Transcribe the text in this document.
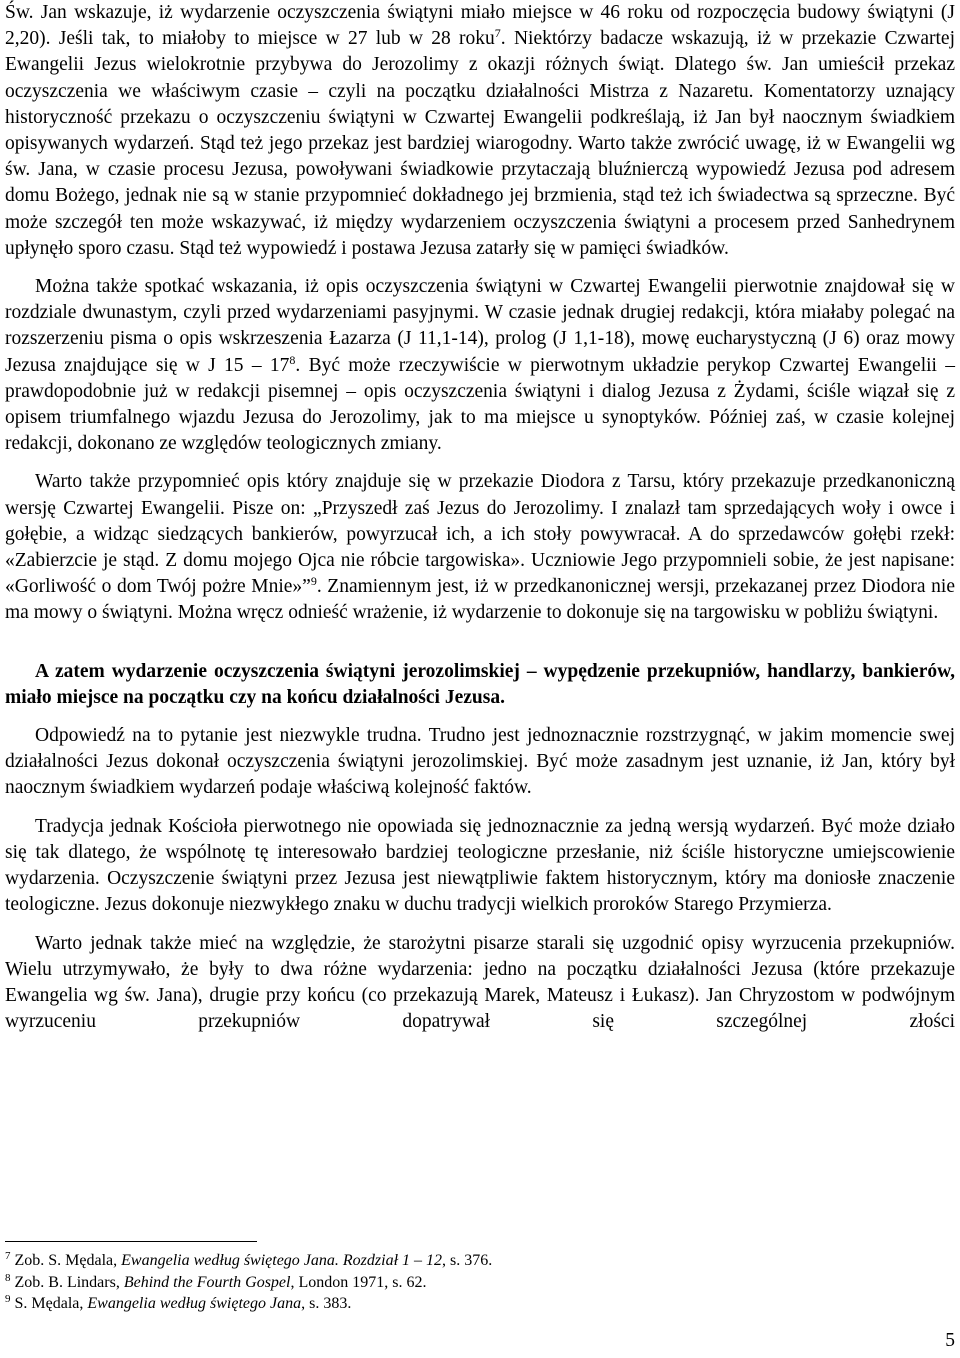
Św. Jan wskazuje, iż wydarzenie oczyszczenia świątyni miało miejsce w 46 roku od rozpoczęcia budowy świątyni (J 2,20). Jeśli tak, to miałoby to miejsce w 27 lub w 28 roku$^7$. Niektórzy badacze wskazują, iż w przekazie Czwartej Ewangelii Jezus wielokrotnie przybywa do Jerozolimy z okazji różnych świąt. Dlatego św. Jan umieścił przekaz oczyszczenia we właściwym czasie – czyli na początku działalności Mistrza z Nazaretu. Komentatorzy uznający historyczność przekazu o oczyszczeniu świątyni w Czwartej Ewangelii podkreślają, iż Jan był naocznym świadkiem opisywanych wydarzeń. Stąd też jego przekaz jest bardziej wiarogodny. Warto także zwrócić uwagę, iż w Ewangelii wg św. Jana, w czasie procesu Jezusa, powoływani świadkowie przytaczają bluźnierczą wypowiedź Jezusa pod adresem domu Bożego, jednak nie są w stanie przypomnieć dokładnego jej brzmienia, stąd też ich świadectwa są sprzeczne. Być może szczegół ten może wskazywać, iż między wydarzeniem oczyszczenia świątyni a procesem przed Sanhedrynem upłynęło sporo czasu. Stąd też wypowiedź i postawa Jezusa zatarły się w pamięci świadków.

Można także spotkać wskazania, iż opis oczyszczenia świątyni w Czwartej Ewangelii pierwotnie znajdował się w rozdziale dwunastym, czyli przed wydarzeniami pasyjnymi. W czasie jednak drugiej redakcji, która miałaby polegać na rozszerzeniu pisma o opis wskrzeszenia Łazarza (J 11,1-14), prolog (J 1,1-18), mowę eucharystyczną (J 6) oraz mowy Jezusa znajdujące się w J $15 - 17^8$. Być może rzeczywiście w pierwotnym układzie perykop Czwartej Ewangelii – prawdopodobnie już w redakcji pisemnej – opis oczyszczenia świątyni i dialog Jezusa z Żydami, ściśle wiązał się z opisem triumfalnego wjazdu Jezusa do Jerozolimy, jak to ma miejsce u synoptyków. Później zaś, w czasie kolejnej redakcji, dokonano ze względów teologicznych zmiany.

Warto także przypomnieć opis który znajduje się w przekazie Diodora z Tarsu, który przekazuje przedkanoniczną wersję Czwartej Ewangelii. Pisze on: „Przyszedł zaś Jezus do Jerozolimy. I znalazł tam sprzedających woły i owce i gołębie, a widząc siedzących bankierów, powyrzucał ich, a ich stoły powywracał. A do sprzedawców gołębi rzekł: «Zabierzcie je stąd. Z domu mojego Ojca nie róbcie targowiska». Uczniowie Jego przypomnieli sobie, że jest napisane: «Gorliwość o dom Twój pożre Mnie»”$^9$. Znamiennym jest, iż w przedkanonicznej wersji, przekazanej przez Diodora nie ma mowy o świątyni. Można wręcz odnieść wrażenie, iż wydarzenie to dokonuje się na targowisku w pobliżu świątyni.

A zatem wydarzenie oczyszczenia świątyni jerozolimskiej – wypędzenie przekupniów, handlarzy, bankierów, miało miejsce na początku czy na końcu działalności Jezusa.

Odpowiedź na to pytanie jest niezwykle trudna. Trudno jest jednoznacznie rozstrzygnąć, w jakim momencie swej działalności Jezus dokonał oczyszczenia świątyni jerozolimskiej. Być może zasadnym jest uznanie, iż Jan, który był naocznym świadkiem wydarzeń podaje właściwą kolejność faktów.

Tradycja jednak Kościoła pierwotnego nie opowiada się jednoznacznie za jedną wersją wydarzeń. Być może działo się tak dlatego, że wspólnotę tę interesowało bardziej teologiczne przesłanie, niż ściśle historyczne umiejscowienie wydarzenia. Oczyszczenie świątyni przez Jezusa jest niewątpliwie faktem historycznym, który ma doniosłe znaczenie teologiczne. Jezus dokonuje niezwykłego znaku w duchu tradycji wielkich proroków Starego Przymierza.

Warto jednak także mieć na względzie, że starożytni pisarze starali się uzgodnić opisy wyrzucenia przekupniów. Wielu utrzymywało, że były to dwa różne wydarzenia: jedno na początku działalności Jezusa (które przekazuje Ewangelia wg św. Jana), drugie przy końcu (co przekazują Marek, Mateusz i Łukasz). Jan Chryzostom w podwójnym wyrzuceniu przekupniów dopatrywał się szczególnej złości

$^7$ Zob. S. Mędala, Ewangelia według świętego Jana. Rozdział 1 – 12, s. 376.
$^8$ Zob. B. Lindars, Behind the Fourth Gospel, London 1971, s. 62.
$^9$ S. Mędala, Ewangelia według świętego Jana, s. 383.
5
